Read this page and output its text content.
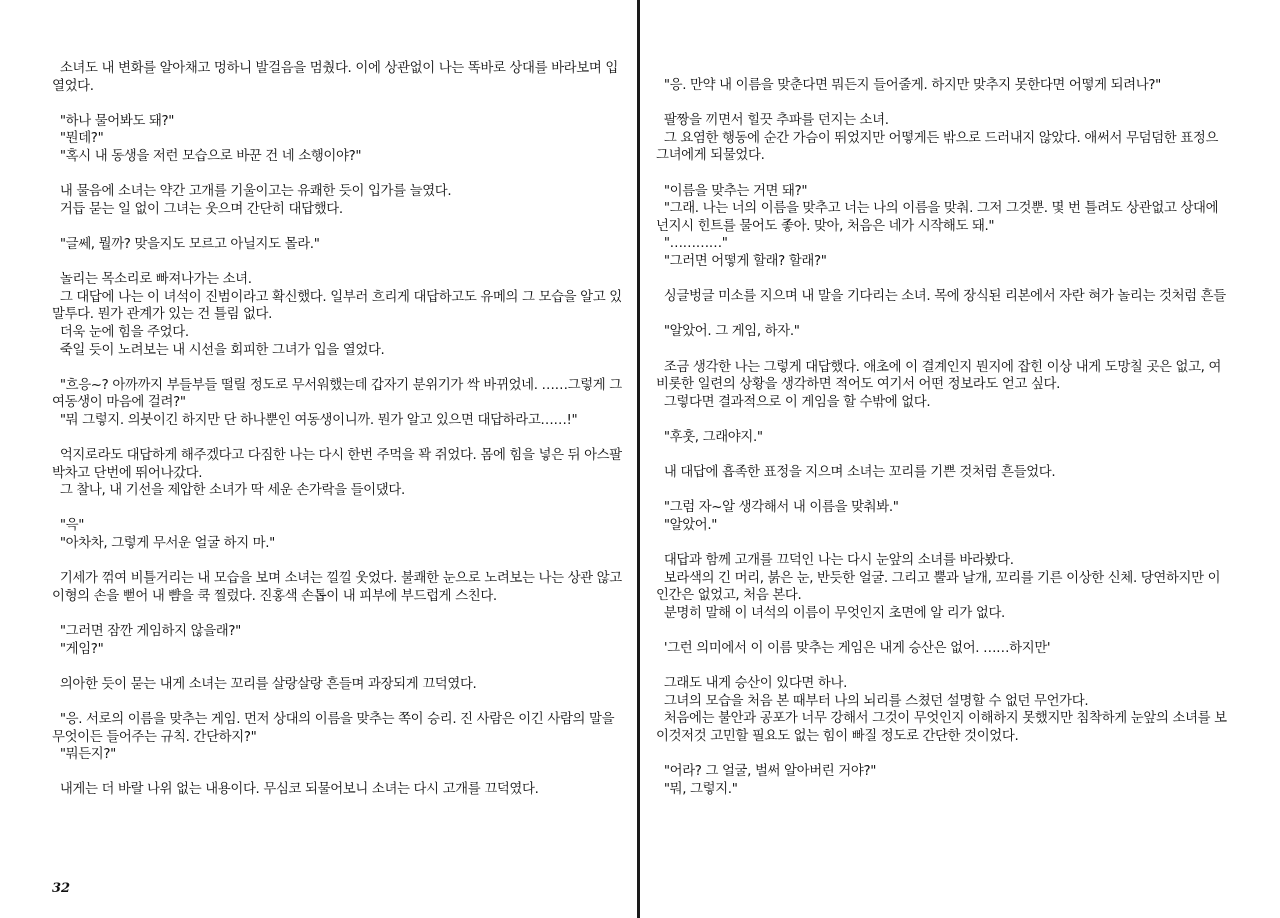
소녀도 내 변화를 알아채고 멍하니 발걸음을 멈췄다. 이에 상관없이 나는 똑바로 상대를 바라보며 입
열었다.
"하나 물어봐도 돼?"
"뭔데?"
"혹시 내 동생을 저런 모습으로 바꾼 건 네 소행이야?"
내 물음에 소녀는 약간 고개를 기울이고는 유쾌한 듯이 입가를 늘였다.
거듭 묻는 일 없이 그녀는 웃으며 간단히 대답했다.
"글쎄, 뭘까? 맞을지도 모르고 아닐지도 몰라."
놀리는 목소리로 빠져나가는 소녀.
그 대답에 나는 이 녀석이 진범이라고 확신했다. 일부러 흐리게 대답하고도 유메의 그 모습을 알고 있
말투다. 뭔가 관계가 있는 건 틀림 없다.
더욱 눈에 힘을 주었다.
죽일 듯이 노려보는 내 시선을 회피한 그녀가 입을 열었다.
"흐응~? 아까까지 부들부들 떨릴 정도로 무서워했는데 갑자기 분위기가 싹 바뀌었네. ……그렇게 그
여동생이 마음에 걸려?"
"뭐 그렇지. 의붓이긴 하지만 단 하나뿐인 여동생이니까. 뭔가 알고 있으면 대답하라고……!"
억지로라도 대답하게 해주겠다고 다짐한 나는 다시 한번 주먹을 꽉 쥐었다. 몸에 힘을 넣은 뒤 아스팔
박차고 단번에 뛰어나갔다.
그 찰나, 내 기선을 제압한 소녀가 딱 세운 손가락을 들이댔다.
"윽"
"아차차, 그렇게 무서운 얼굴 하지 마."
기세가 꺾여 비틀거리는 내 모습을 보며 소녀는 낄낄 웃었다. 불쾌한 눈으로 노려보는 나는 상관 않고
이형의 손을 뻗어 내 뺨을 쿡 찔렀다. 진홍색 손톱이 내 피부에 부드럽게 스친다.
"그러면 잠깐 게임하지 않을래?"
"게임?"
의아한 듯이 묻는 내게 소녀는 꼬리를 살랑살랑 흔들며 과장되게 끄덕였다.
"응. 서로의 이름을 맞추는 게임. 먼저 상대의 이름을 맞추는 쪽이 승리. 진 사람은 이긴 사람의 말을
무엇이든 들어주는 규칙. 간단하지?"
"뭐든지?"
내게는 더 바랄 나위 없는 내용이다. 무심코 되물어보니 소녀는 다시 고개를 끄덕였다.
32
"응. 만약 내 이름을 맞춘다면 뭐든지 들어줄게. 하지만 맞추지 못한다면 어떻게 되려나?"
팔짱을 끼면서 힐끗 추파를 던지는 소녀.
그 요염한 행동에 순간 가슴이 뛰었지만 어떻게든 밖으로 드러내지 않았다. 애써서 무덤덤한 표정으
그녀에게 되물었다.
"이름을 맞추는 거면 돼?"
"그래. 나는 너의 이름을 맞추고 너는 나의 이름을 맞춰. 그저 그것뿐. 몇 번 틀려도 상관없고 상대에
넌지시 힌트를 물어도 좋아. 맞아, 처음은 네가 시작해도 돼."
"…………"
"그러면 어떻게 할래? 할래?"
싱글벙글 미소를 지으며 내 말을 기다리는 소녀. 목에 장식된 리본에서 자란 혀가 놀리는 것처럼 흔들
"알았어. 그 게임, 하자."
조금 생각한 나는 그렇게 대답했다. 애초에 이 결계인지 뭔지에 잡힌 이상 내게 도망칠 곳은 없고, 여
비롯한 일련의 상황을 생각하면 적어도 여기서 어떤 정보라도 얻고 싶다.
그렇다면 결과적으로 이 게임을 할 수밖에 없다.
"후훗, 그래야지."
내 대답에 흡족한 표정을 지으며 소녀는 꼬리를 기쁜 것처럼 흔들었다.
"그럼 자~알 생각해서 내 이름을 맞춰봐."
"알았어."
대답과 함께 고개를 끄덕인 나는 다시 눈앞의 소녀를 바라봤다.
보라색의 긴 머리, 붉은 눈, 반듯한 얼굴. 그리고 뿔과 날개, 꼬리를 기른 이상한 신체. 당연하지만 이
인간은 없었고, 처음 본다.
분명히 말해 이 녀석의 이름이 무엇인지 초면에 알 리가 없다.
'그런 의미에서 이 이름 맞추는 게임은 내게 승산은 없어. ……하지만'
그래도 내게 승산이 있다면 하나.
그녀의 모습을 처음 본 때부터 나의 뇌리를 스쳤던 설명할 수 없던 무언가다.
처음에는 불안과 공포가 너무 강해서 그것이 무엇인지 이해하지 못했지만 침착하게 눈앞의 소녀를 보
이것저것 고민할 필요도 없는 힘이 빠질 정도로 간단한 것이었다.
"어라? 그 얼굴, 벌써 알아버린 거야?"
"뭐, 그렇지."
